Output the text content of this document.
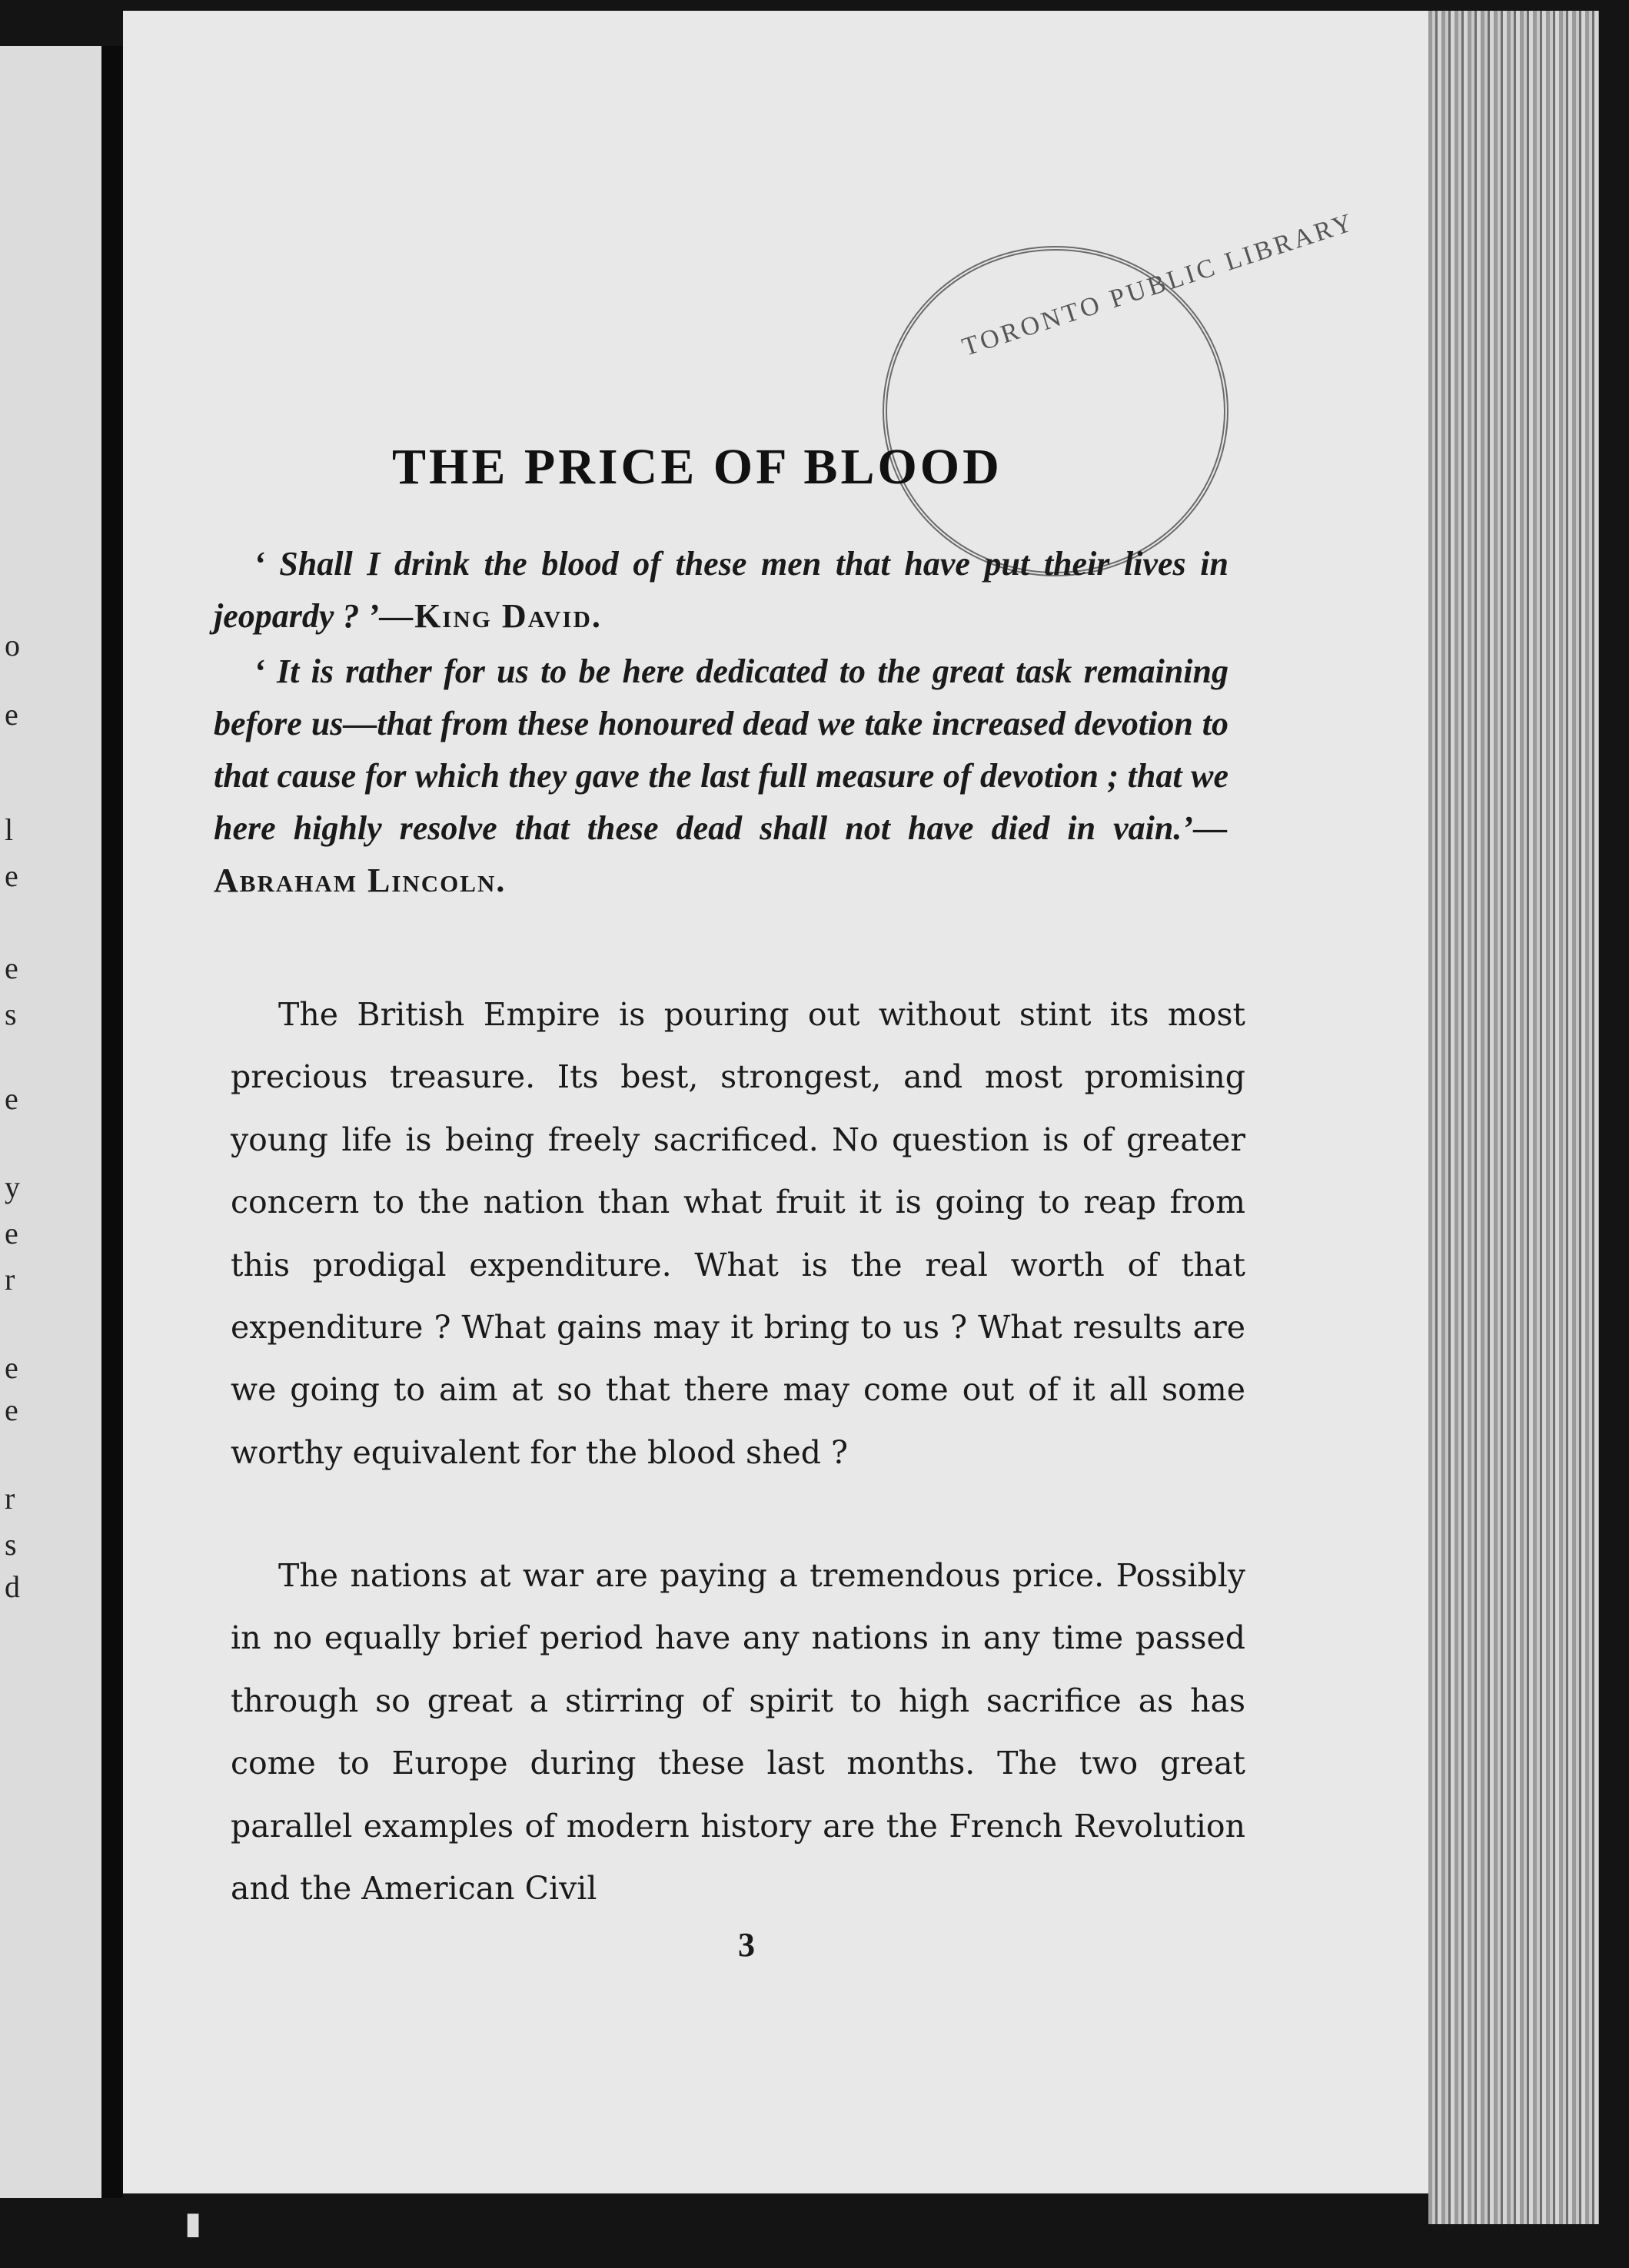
o
e
l
e
e
s
e
y
e
r
e
e
r
s
d
TORONTO PUBLIC LIBRARY
THE PRICE OF BLOOD
‘ Shall I drink the blood of these men that have put their lives in jeopardy ? ’—King David.
‘ It is rather for us to be here dedicated to the great task remaining before us—that from these honoured dead we take increased devotion to that cause for which they gave the last full measure of devotion ; that we here highly resolve that these dead shall not have died in vain.’—Abraham Lincoln.
The British Empire is pouring out without stint its most precious treasure. Its best, strongest, and most promising young life is being freely sacrificed. No question is of greater concern to the nation than what fruit it is going to reap from this prodigal expenditure. What is the real worth of that expenditure ? What gains may it bring to us ? What results are we going to aim at so that there may come out of it all some worthy equivalent for the blood shed ?
The nations at war are paying a tremendous price. Possibly in no equally brief period have any nations in any time passed through so great a stirring of spirit to high sacrifice as has come to Europe during these last months. The two great parallel examples of modern history are the French Revolution and the American Civil
3
▮
